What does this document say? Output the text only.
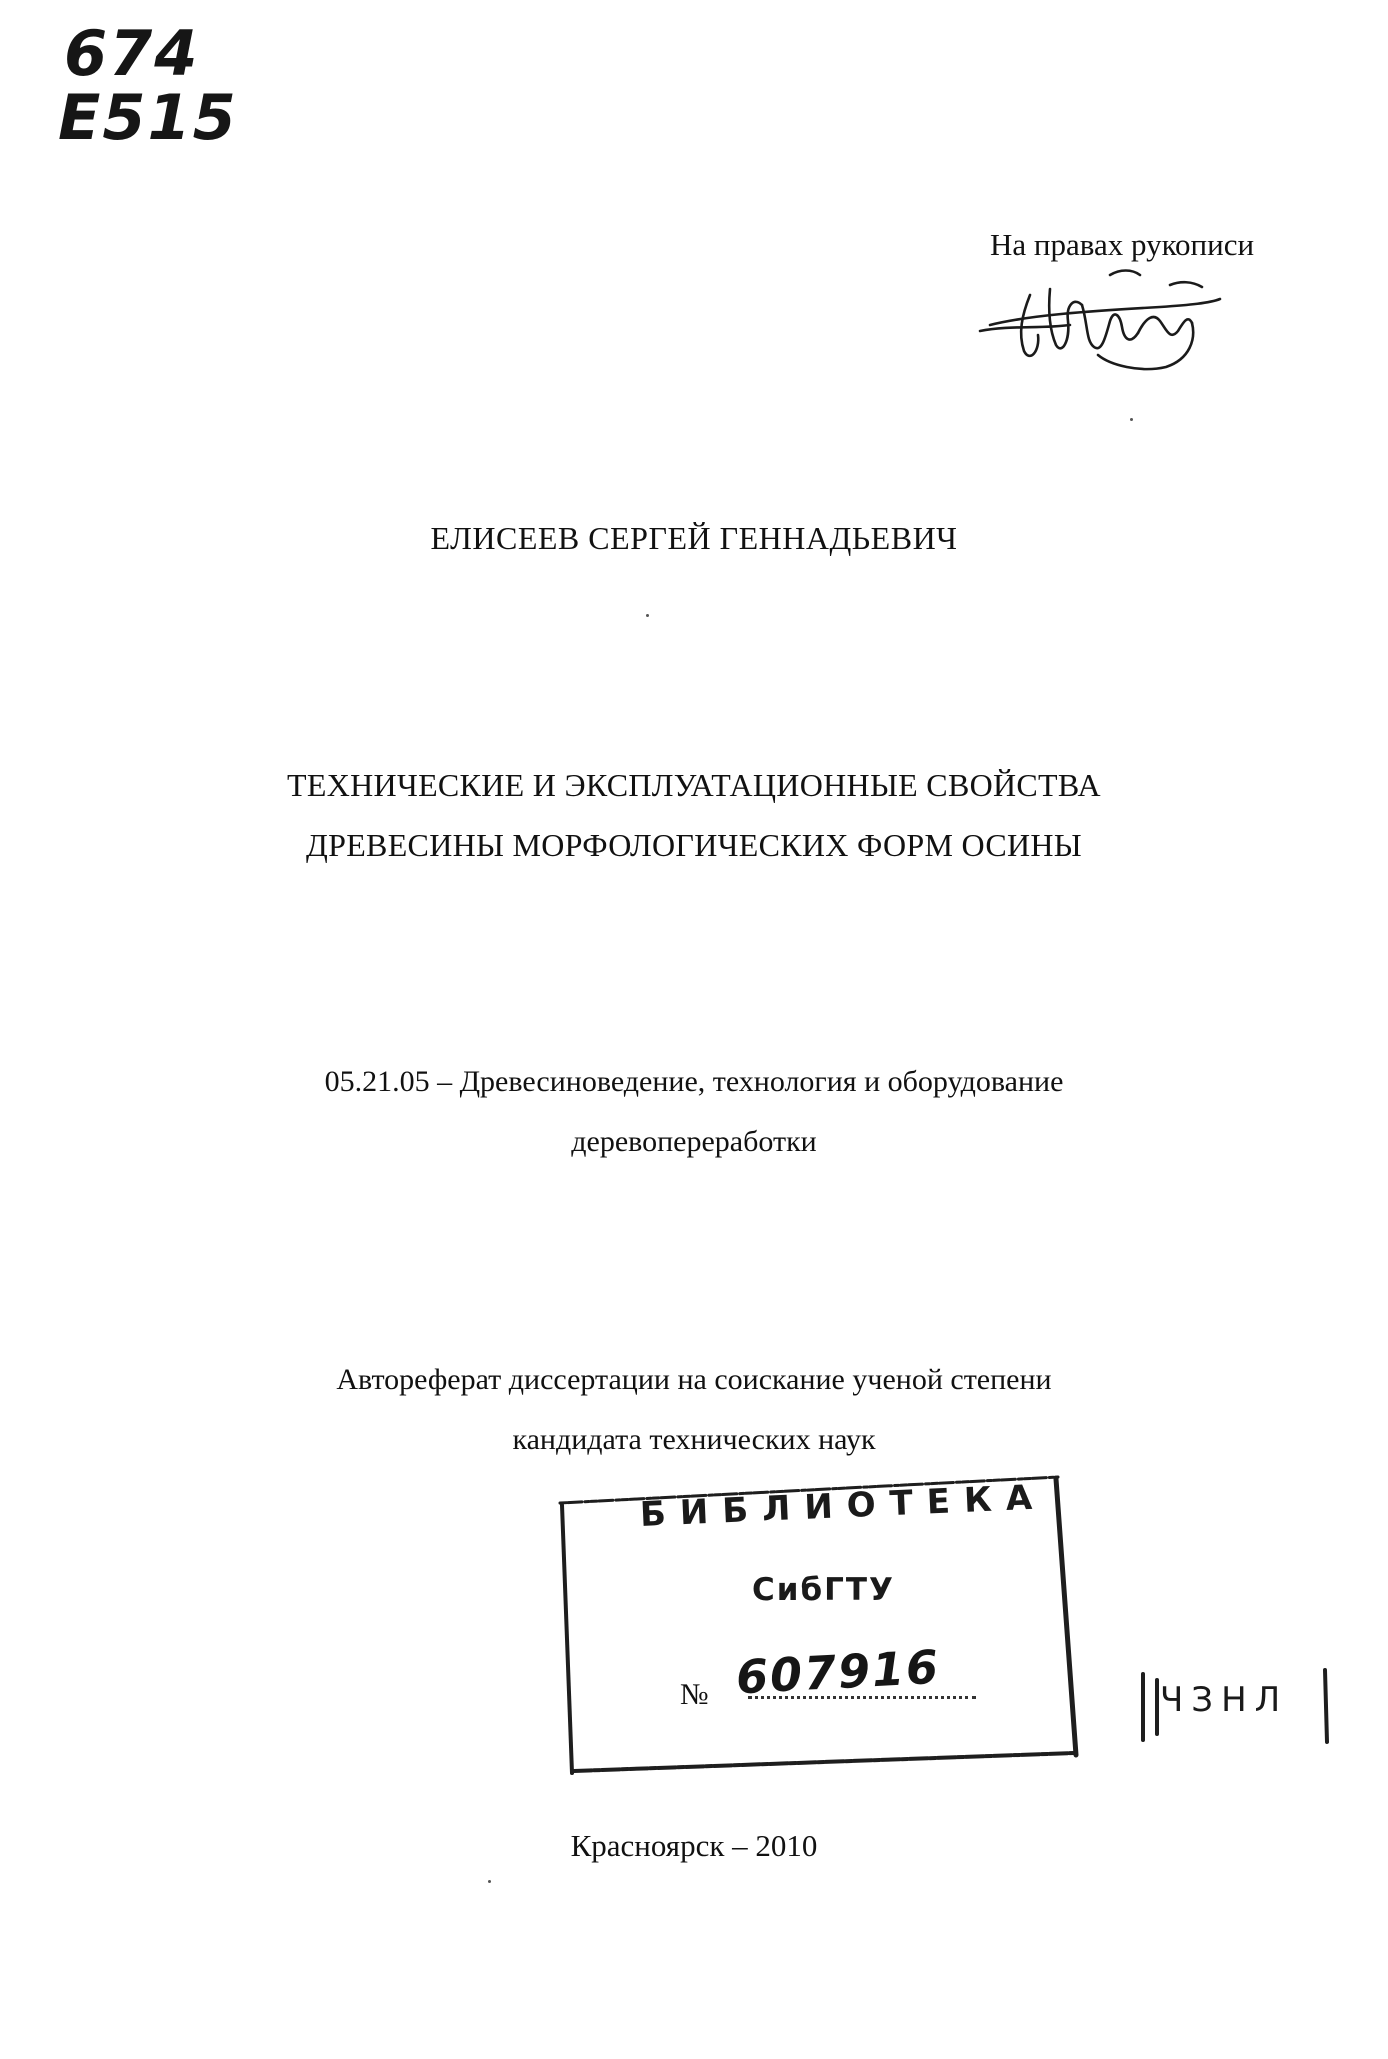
674
Е515
На правах рукописи
ЕЛИСЕЕВ СЕРГЕЙ ГЕННАДЬЕВИЧ
ТЕХНИЧЕСКИЕ И ЭКСПЛУАТАЦИОННЫЕ СВОЙСТВА
ДРЕВЕСИНЫ МОРФОЛОГИЧЕСКИХ ФОРМ ОСИНЫ
05.21.05 – Древесиноведение, технология и оборудование
деревопереработки
Автореферат диссертации на соискание ученой степени
кандидата технических наук
БИБЛИОТЕКА
СибГТУ
№ 607916	ЧЗНЛ
Красноярск – 2010
